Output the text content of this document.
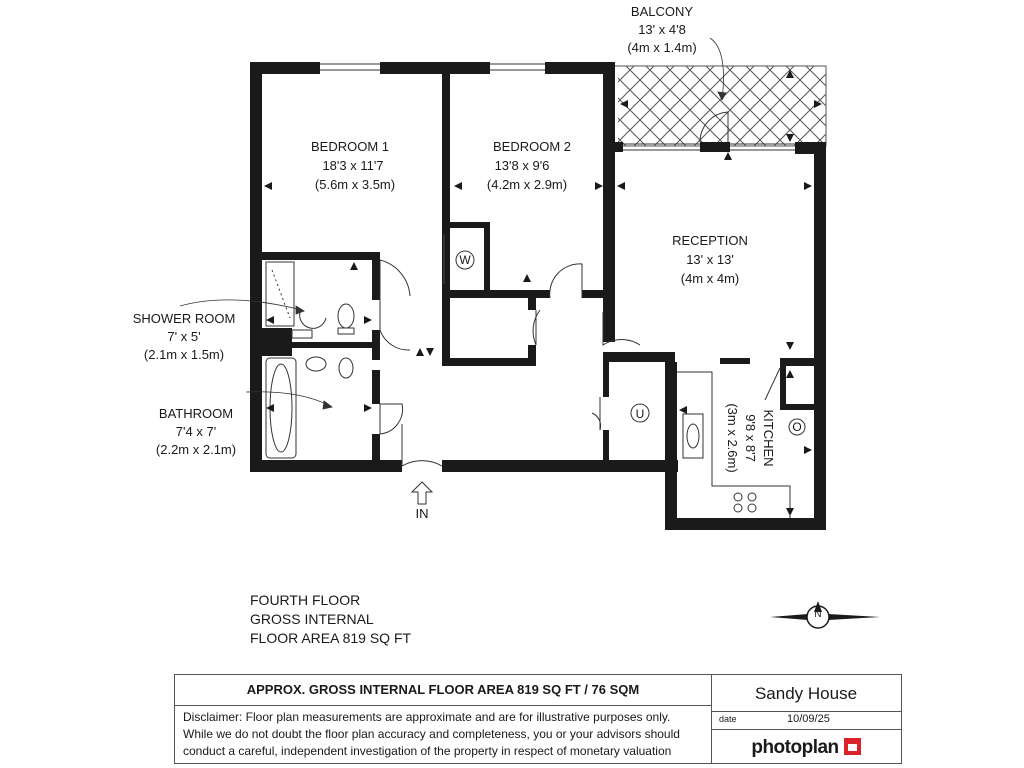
W
U
O
BEDROOM 1
18'3 x 11'7
(5.6m x 3.5m)
BEDROOM 2
13'8 x 9'6
(4.2m x 2.9m)
RECEPTION
13' x 13'
(4m x 4m)
BALCONY
13' x 4'8
(4m x 1.4m)
SHOWER ROOM
7' x 5'
(2.1m x 1.5m)
BATHROOM
7'4 x 7'
(2.2m x 2.1m)	KITCHEN
9'8 x 8'7
(3m x 2.6m)
IN
N
FOURTH FLOOR
GROSS INTERNAL
FLOOR AREA 819 SQ FT
APPROX. GROSS INTERNAL FLOOR AREA 819 SQ FT / 76 SQM
Disclaimer: Floor plan measurements are approximate and are for illustrative purposes only.
While we do not doubt the floor plan accuracy and completeness, you or your advisors should
conduct a careful, independent investigation of the property in respect of monetary valuation
Sandy House
date	10/09/25
photoplan
